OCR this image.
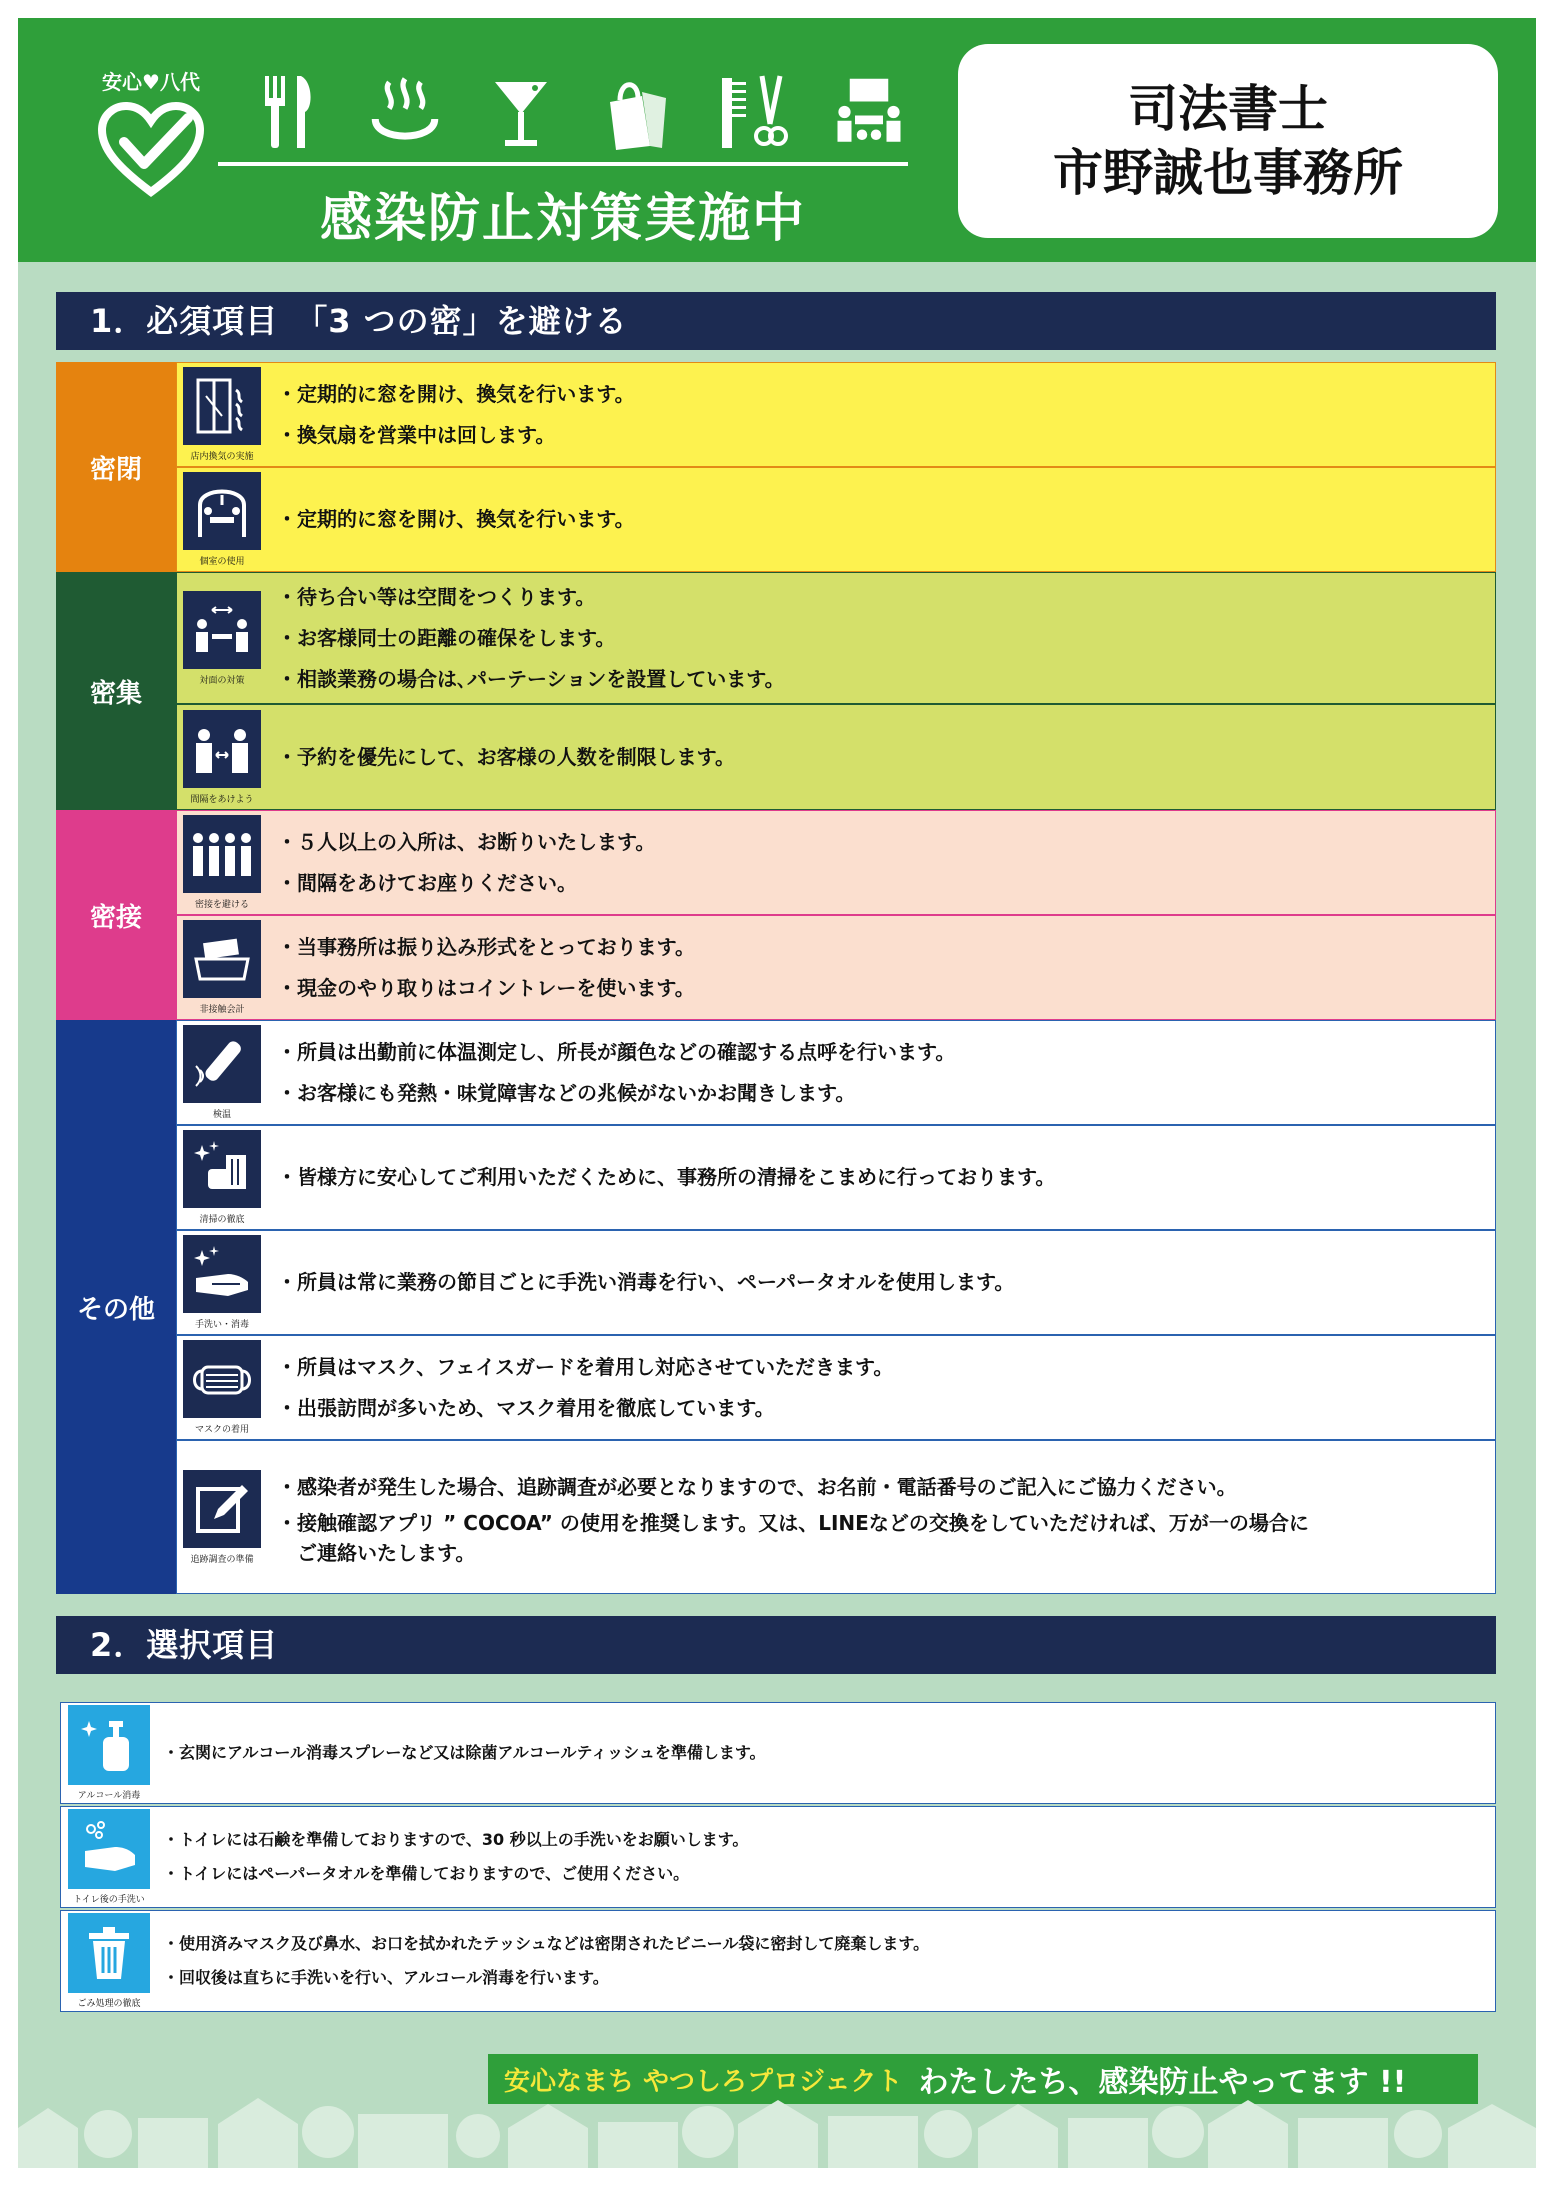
安心♥八代
感染防止対策実施中
司法書士
市野誠也事務所
1．必須項目　「3 つの密」を避ける
密閉	店内換気の実施
・定期的に窓を開け、換気を行います。
・換気扇を営業中は回します。
個室の使用
・定期的に窓を開け、換気を行います。
密集	対面の対策
・待ち合い等は空間をつくります。
・お客様同士の距離の確保をします。
・相談業務の場合は､パーテーションを設置しています。
間隔をあけよう
・予約を優先にして、お客様の人数を制限します。
密接	密接を避ける
・５人以上の入所は、お断りいたします。
・間隔をあけてお座りください。
非接触会計
・当事務所は振り込み形式をとっております。
・現金のやり取りはコイントレーを使います。
その他
検温
・所員は出勤前に体温測定し、所長が顔色などの確認する点呼を行います。
・お客様にも発熱・味覚障害などの兆候がないかお聞きします。
清掃の徹底
・皆様方に安心してご利用いただくために、事務所の清掃をこまめに行っております。
手洗い・消毒
・所員は常に業務の節目ごとに手洗い消毒を行い、ペーパータオルを使用します。
マスクの着用
・所員はマスク、フェイスガードを着用し対応させていただきます。
・出張訪問が多いため、マスク着用を徹底しています。
追跡調査の準備
・感染者が発生した場合、追跡調査が必要となりますので、お名前・電話番号のご記入にご協力ください。
・接触確認アプリ ” COCOA” の使用を推奨します。又は、LINEなどの交換をしていただければ、万が一の場合に
　ご連絡いたします。
2．選択項目
アルコール消毒
・玄関にアルコール消毒スプレーなど又は除菌アルコールティッシュを準備します。
トイレ後の手洗い
・トイレには石鹸を準備しておりますので、30 秒以上の手洗いをお願いします。
・トイレにはペーパータオルを準備しておりますので、ご使用ください。
ごみ処理の徹底
・使用済みマスク及び鼻水、お口を拭かれたテッシュなどは密閉されたビニール袋に密封して廃棄します。
・回収後は直ちに手洗いを行い、アルコール消毒を行います。
安心なまち やつしろプロジェクト わたしたち、感染防止やってます !!
